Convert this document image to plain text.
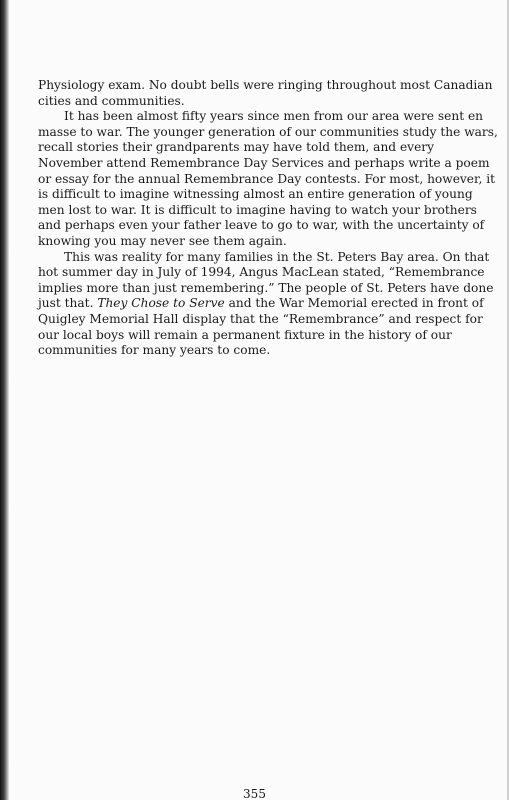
Physiology exam. No doubt bells were ringing throughout most Canadian cities and communities.

It has been almost fifty years since men from our area were sent en masse to war. The younger generation of our communities study the wars, recall stories their grandparents may have told them, and every November attend Remembrance Day Services and perhaps write a poem or essay for the annual Remembrance Day contests. For most, however, it is difficult to imagine witnessing almost an entire generation of young men lost to war. It is difficult to imagine having to watch your brothers and perhaps even your father leave to go to war, with the uncertainty of knowing you may never see them again.

This was reality for many families in the St. Peters Bay area. On that hot summer day in July of 1994, Angus MacLean stated, “Remembrance implies more than just remembering.” The people of St. Peters have done just that. They Chose to Serve and the War Memorial erected in front of Quigley Memorial Hall display that the “Remembrance” and respect for our local boys will remain a permanent fixture in the history of our communities for many years to come.

355
